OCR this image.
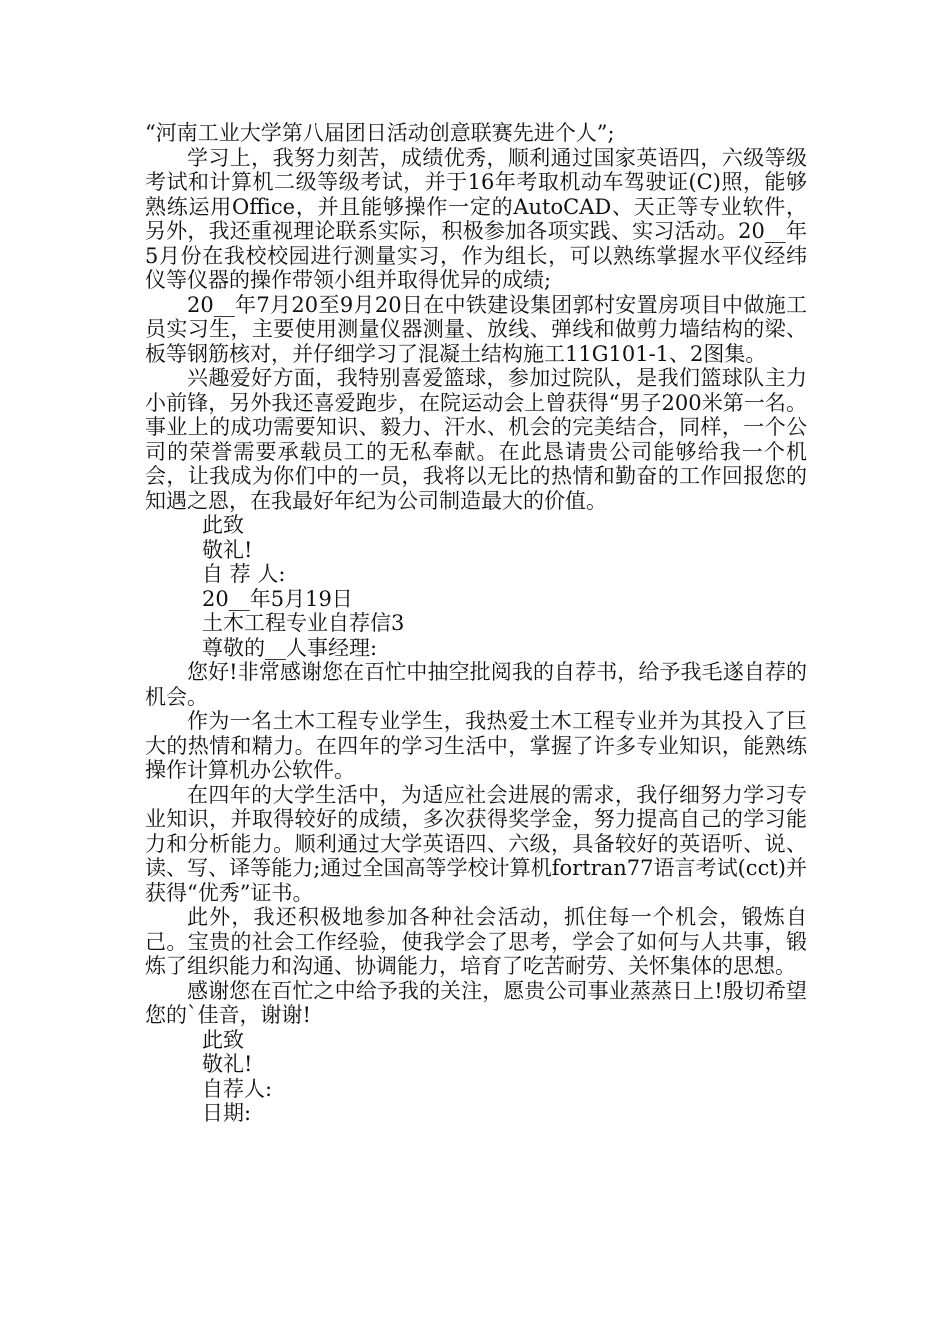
“河南工业大学第八届团日活动创意联赛先进个人”;

学习上，我努力刻苦，成绩优秀，顺利通过国家英语四，六级等级考试和计算机二级等级考试，并于16年考取机动车驾驶证(C)照，能够熟练运用Office，并且能够操作一定的AutoCAD、天正等专业软件，另外，我还重视理论联系实际，积极参加各项实践、实习活动。20__年5月份在我校校园进行测量实习，作为组长，可以熟练掌握水平仪经纬仪等仪器的操作带领小组并取得优异的成绩;

20__年7月20至9月20日在中铁建设集团郭村安置房项目中做施工员实习生，主要使用测量仪器测量、放线、弹线和做剪力墙结构的梁、板等钢筋核对，并仔细学习了混凝土结构施工11G101-1、2图集。

兴趣爱好方面，我特别喜爱篮球，参加过院队，是我们篮球队主力小前锋，另外我还喜爱跑步，在院运动会上曾获得“男子200米第一名。事业上的成功需要知识、毅力、汗水、机会的完美结合，同样，一个公司的荣誉需要承载员工的无私奉献。在此恳请贵公司能够给我一个机会，让我成为你们中的一员，我将以无比的热情和勤奋的工作回报您的知遇之恩，在我最好年纪为公司制造最大的价值。

此致

敬礼!

自 荐 人:

20__年5月19日

土木工程专业自荐信3

尊敬的__人事经理:

您好!非常感谢您在百忙中抽空批阅我的自荐书，给予我毛遂自荐的机会。

作为一名土木工程专业学生，我热爱土木工程专业并为其投入了巨大的热情和精力。在四年的学习生活中，掌握了许多专业知识，能熟练操作计算机办公软件。

在四年的大学生活中，为适应社会进展的需求，我仔细努力学习专业知识，并取得较好的成绩，多次获得奖学金，努力提高自己的学习能力和分析能力。顺利通过大学英语四、六级，具备较好的英语听、说、读、写、译等能力;通过全国高等学校计算机fortran77语言考试(cct)并获得“优秀”证书。

此外，我还积极地参加各种社会活动，抓住每一个机会，锻炼自己。宝贵的社会工作经验，使我学会了思考，学会了如何与人共事，锻炼了组织能力和沟通、协调能力，培育了吃苦耐劳、关怀集体的思想。

感谢您在百忙之中给予我的关注，愿贵公司事业蒸蒸日上!殷切希望您的`佳音，谢谢!

此致

敬礼!

自荐人:

日期:
